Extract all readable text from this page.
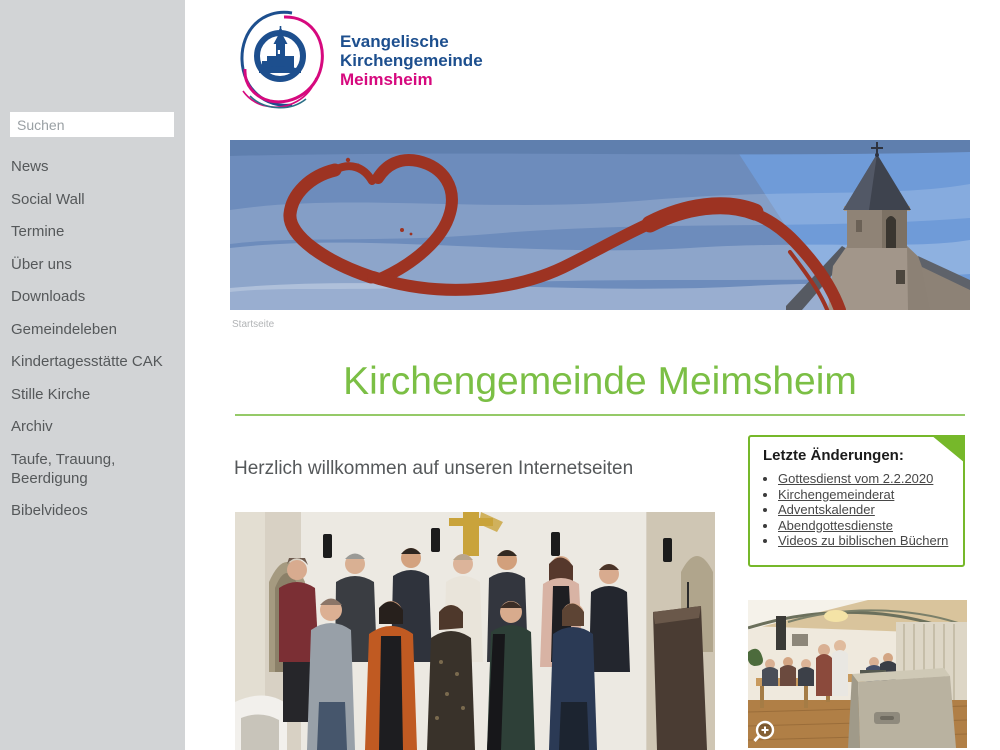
Suchen
News
Social Wall
Termine
Über uns
Downloads
Gemeindeleben
Kindertagesstätte CAK
Stille Kirche
Archiv
Taufe, Trauung, Beerdigung
Bibelvideos
Evangelische
Kirchengemeinde
Meimsheim
Startseite
Kirchengemeinde Meimsheim
Herzlich willkommen auf unseren Internetseiten
Letzte Änderungen:
• Gottesdienst vom 2.2.2020
• Kirchengemeinderat
• Adventskalender
• Abendgottesdienste
• Videos zu biblischen Büchern
